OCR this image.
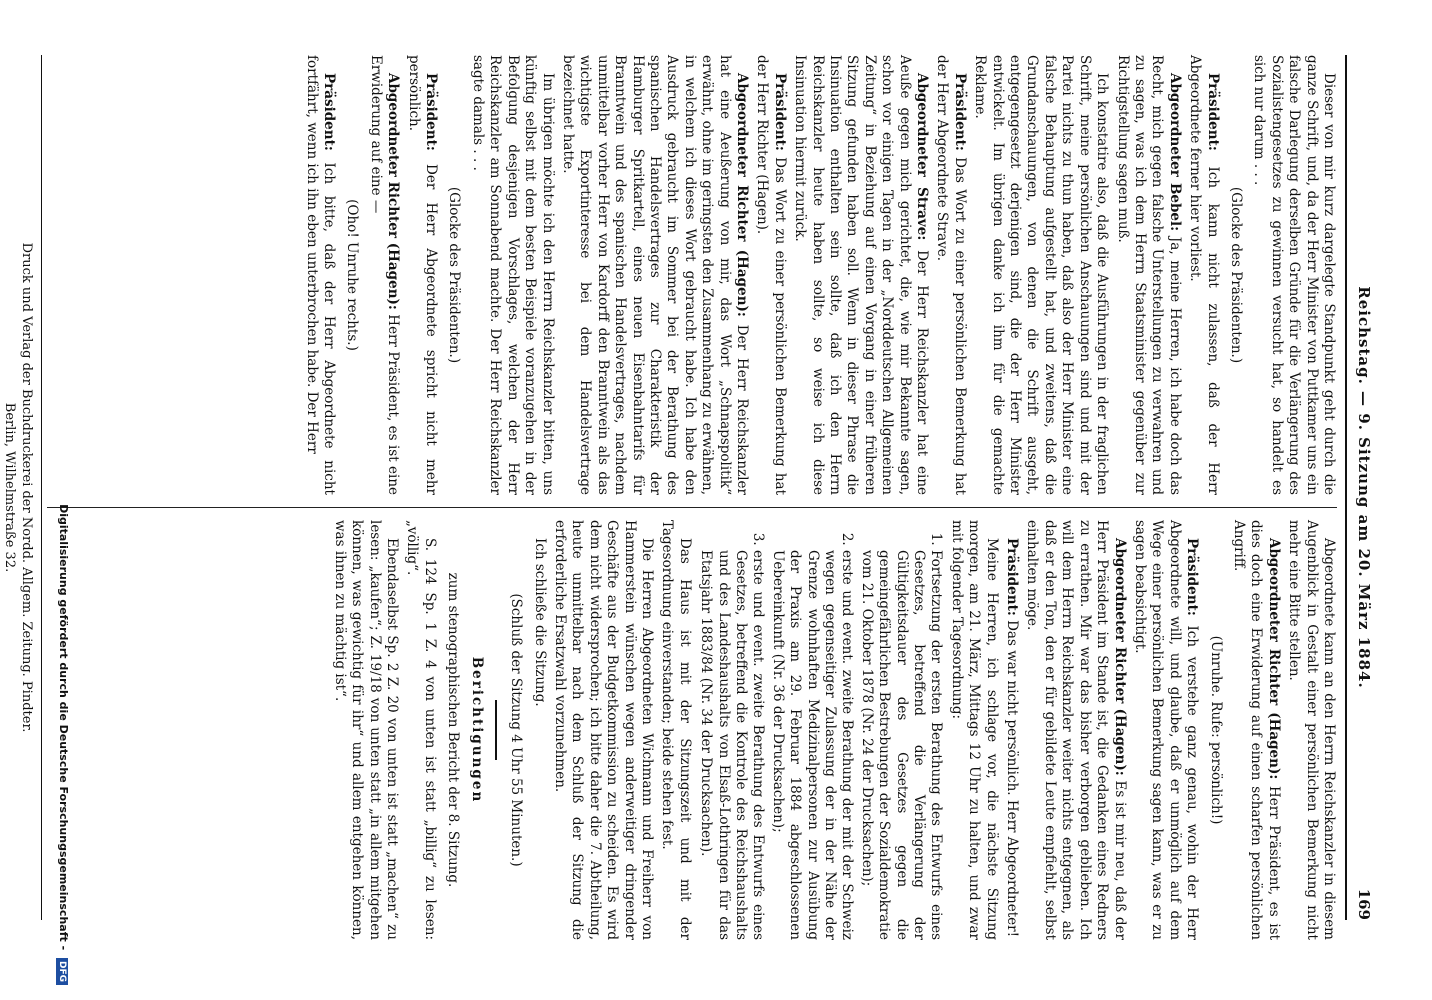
Reichstag. — 9. Sitzung am 20. März 1884.
169

Dieser von mir kurz dargelegte Standpunkt geht durch die ganze Schrift, und, da der Herr Minister von Puttkamer uns ein falsche Darlegung derselben Gründe für die Verlängerung des Sozialistengesetzes zu gewinnen versucht hat, so handelt es sich nur darum . . .

(Glocke des Präsidenten.)

Präsident: Ich kann nicht zulassen, daß der Herr Abgeordnete ferner hier vorliest.

Abgeordneter Bebel: Ja, meine Herren, ich habe doch das Recht, mich gegen falsche Unterstellungen zu verwahren und zu sagen, was ich dem Herrn Staatsminister gegenüber zur Richtigstellung sagen muß.

Ich konstatire also, daß die Ausführungen in der fraglichen Schrift, meine persönlichen Anschauungen sind und mit der Partei nichts zu thun haben, daß also der Herr Minister eine falsche Behauptung aufgestellt hat, und zweitens, daß die Grundanschauungen, von denen die Schrift ausgeht, entgegengesetzt derjenigen sind, die der Herr Minister entwickelt. Im übrigen danke ich ihm für die gemachte Reklame.

Präsident: Das Wort zu einer persönlichen Bemerkung hat der Herr Abgeordnete Strave.

Abgeordneter Strave: Der Herr Reichskanzler hat eine Aeuße gegen mich gerichtet, die, wie mir Bekannte sagen, schon vor einigen Tagen in der „Norddeutschen Allgemeinen Zeitung“ in Beziehung auf einen Vorgang in einer früheren Sitzung gefunden haben soll. Wenn in dieser Phrase die Insinuation enthalten sein sollte, daß ich den Herrn Reichskanzler heute haben sollte, so weise ich diese Insinuation hiermit zurück.

Präsident: Das Wort zu einer persönlichen Bemerkung hat der Herr Richter (Hagen).

Abgeordneter Richter (Hagen): Der Herr Reichskanzler hat eine Aeußerung von mir, das Wort „Schnapspolitik“ erwähnt, ohne im geringsten den Zusammenhang zu erwähnen, in welchem ich dieses Wort gebraucht habe. Ich habe den Ausdruck gebraucht im Sommer bei der Berathung des spanischen Handelsvertrages zur Charakteristik der Hamburger Spritkartell, eines neuen Eisenbahntarifs für Branntwein und des spanischen Handelsvertrages, nachdem unmittelbar vorher Herr von Kardorff den Branntwein als das wichtigste Exportinteresse bei dem Handelsvertrage bezeichnet hatte.

Im übrigen möchte ich den Herrn Reichskanzler bitten, uns künftig selbst mit dem besten Beispiele voranzugehen in der Befolgung desjenigen Vorschlages, welchen der Herr Reichskanzler am Sonnabend machte. Der Herr Reichskanzler sagte damals . . .

(Glocke des Präsidenten.)

Präsident: Der Herr Abgeordnete spricht nicht mehr persönlich.

Abgeordneter Richter (Hagen): Herr Präsident, es ist eine Erwiderung auf eine —

(Oho! Unruhe rechts.)

Präsident: Ich bitte, daß der Herr Abgeordnete nicht fortfährt, wenn ich ihn eben unterbrochen habe. Der Herr

Abgeordnete kann an den Herrn Reichskanzler in diesem Augenblick in Gestalt einer persönlichen Bemerkung nicht mehr eine Bitte stellen.

Abgeordneter Richter (Hagen): Herr Präsident, es ist dies doch eine Erwiderung auf einen scharfen persönlichen Angriff.

(Unruhe. Rufe: persönlich!)

Präsident: Ich verstehe ganz genau, wohin der Herr Abgeordnete will, und glaube, daß er unmöglich auf dem Wege einer persönlichen Bemerkung sagen kann, was er zu sagen beabsichtigt.

Abgeordneter Richter (Hagen): Es ist mir neu, daß der Herr Präsident im Stande ist, die Gedanken eines Redners zu errathen. Mir war das bisher verborgen geblieben. Ich will dem Herrn Reichskanzler weiter nichts entgegnen, als daß er den Ton, den er für gebildete Leute empfiehlt, selbst einhalten möge.

Präsident: Das war nicht persönlich. Herr Abgeordneter!

Meine Herren, ich schlage vor, die nächste Sitzung morgen, am 21. März, Mittags 12 Uhr zu halten, und zwar mit folgender Tagesordnung:

1. Fortsetzung der ersten Berathung des Entwurfs eines Gesetzes, betreffend die Verlängerung der Gültigkeitsdauer des Gesetzes gegen die gemeingefährlichen Bestrebungen der Sozialdemokratie vom 21. Oktober 1878 (Nr. 24 der Drucksachen);
2. erste und event. zweite Berathung der mit der Schweiz wegen gegenseitiger Zulassung der in der Nähe der Grenze wohnhaften Medizinalpersonen zur Ausübung der Praxis am 29. Februar 1884 abgeschlossenen Uebereinkunft (Nr. 36 der Drucksachen);
3. erste und event. zweite Berathung des Entwurfs eines Gesetzes, betreffend die Kontrole des Reichshaushalts und des Landeshaushalts von Elsaß-Lothringen für das Etatsjahr 1883/84 (Nr. 34 der Drucksachen).

Das Haus ist mit der Sitzungszeit und mit der Tagesordnung einverstanden; beide stehen fest.

Die Herren Abgeordneten Wichmann und Freiherr von Hammerstein wünschen wegen anderweitiger dringender Geschäfte aus der Budgetkommission zu scheiden. Es wird dem nicht widersprochen; ich bitte daher die 7. Abtheilung, heute unmittelbar nach dem Schluß der Sitzung die erforderliche Ersatzwahl vorzunehmen.

Ich schließe die Sitzung.

(Schluß der Sitzung 4 Uhr 55 Minuten.)

Berichtigungen

zum stenographischen Bericht der 8. Sitzung.

S. 124 Sp. 1 Z. 4 von unten ist statt „billig“ zu lesen: „völlig“.

Ebendaselbst Sp. 2 Z. 20 von unten ist statt „machen“ zu lesen: „kaufen“; Z. 19/18 von unten statt „in allem mitgehen können, was gewichtig für ihr“ und allem entgehen können, was ihnen zu mächtig ist“.

Druck und Verlag der Buchdruckerei der Nordd. Allgem. Zeitung. Pindter.
Berlin, Wilhelmstraße 32.
Digitalisierung gefördert durch die Deutsche Forschungsgemeinschaft - DFG
